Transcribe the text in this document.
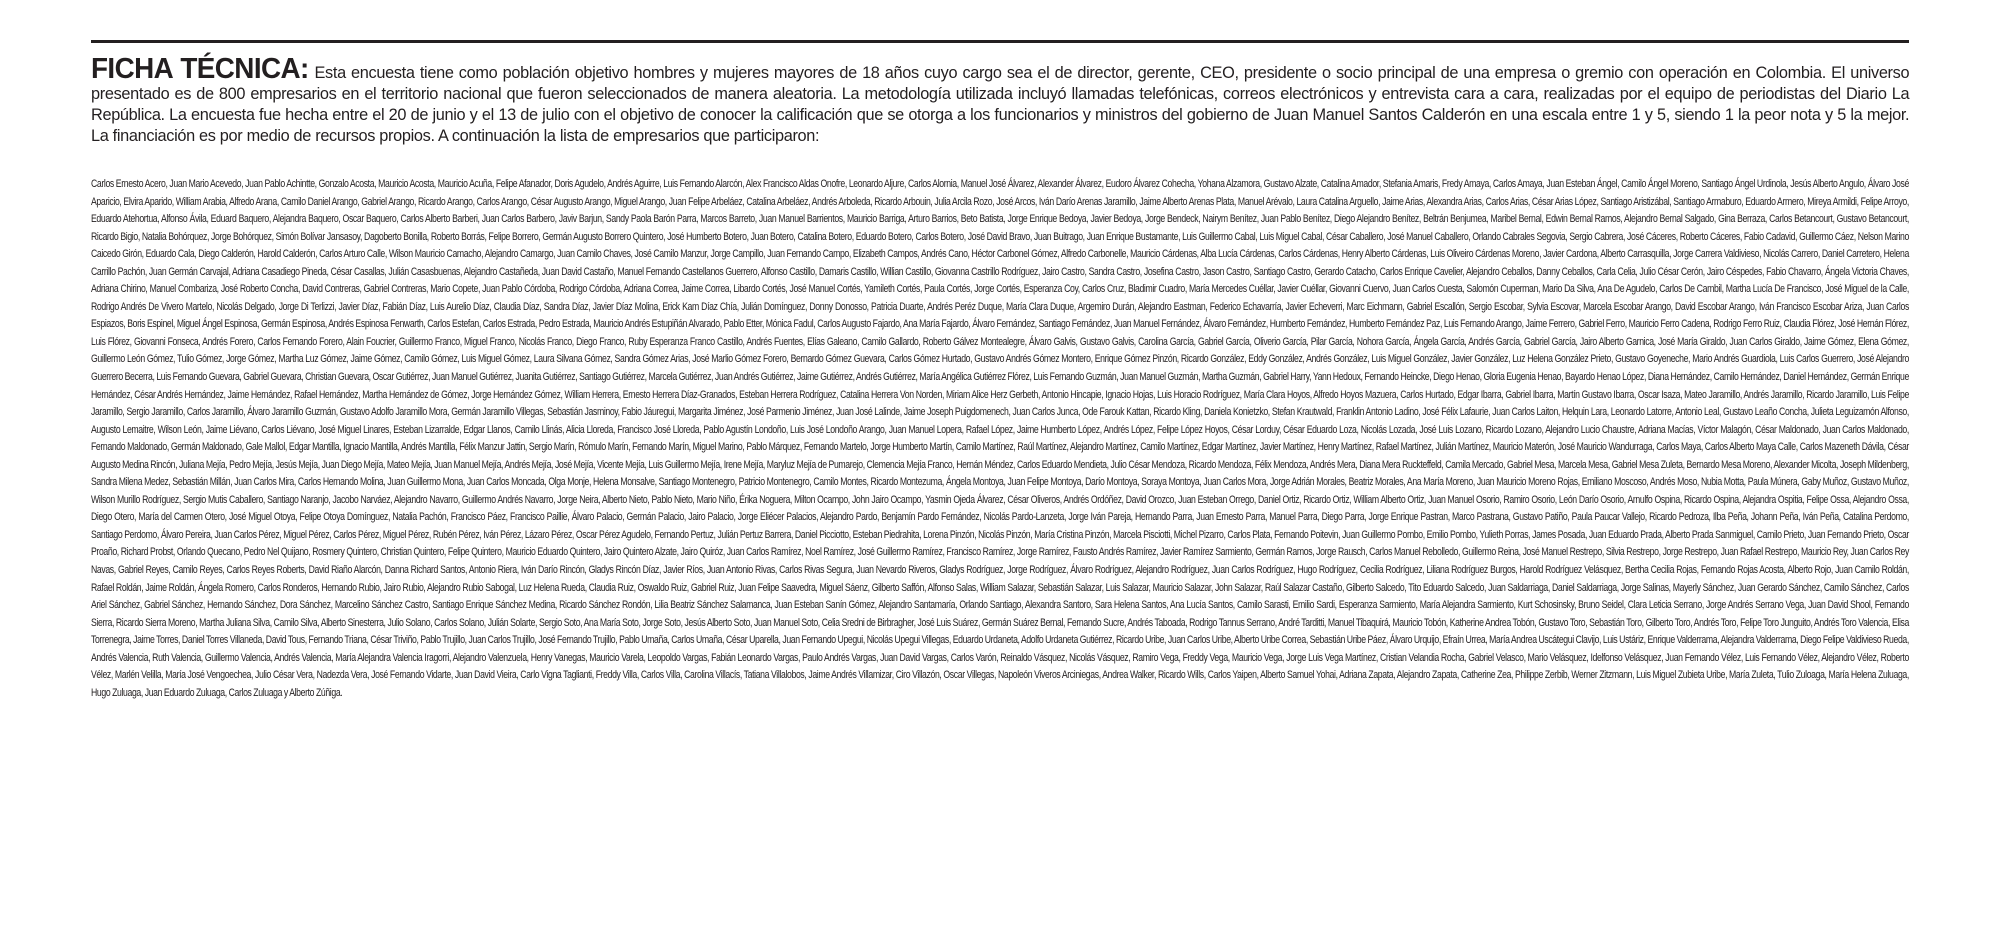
FICHA TÉCNICA: Esta encuesta tiene como población objetivo hombres y mujeres mayores de 18 años cuyo cargo sea el de director, gerente, CEO, presidente o socio principal de una empresa o gremio con operación en Colombia. El universo presentado es de 800 empresarios en el territorio nacional que fueron seleccionados de manera aleatoria. La metodología utilizada incluyó llamadas telefónicas, correos electrónicos y entrevista cara a cara, realizadas por el equipo de periodistas del Diario La República. La encuesta fue hecha entre el 20 de junio y el 13 de julio con el objetivo de conocer la calificación que se otorga a los funcionarios y ministros del gobierno de Juan Manuel Santos Calderón en una escala entre 1 y 5, siendo 1 la peor nota y 5 la mejor. La financiación es por medio de recursos propios. A continuación la lista de empresarios que participaron:

Carlos Ernesto Acero, Juan Mario Acevedo, Juan Pablo Achintte, Gonzalo Acosta, Mauricio Acosta, Mauricio Acuña, Felipe Afanador, Doris Agudelo, Andrés Aguirre, Luis Fernando Alarcón, Alex Francisco Aldas Onofre, Leonardo Aljure, Carlos Alornia, Manuel José Álvarez, Alexander Álvarez, Eudoro Álvarez Cohecha, Yohana Alzamora, Gustavo Alzate, Catalina Amador, Stefania Amaris, Fredy Amaya, Carlos Amaya, Juan Esteban Ángel, Camilo Ángel Moreno, Santiago Ángel Urdinola, Jesús Alberto Angulo, Álvaro José Aparicio, Elvira Aparido, William Arabia, Alfredo Arana, Camilo Daniel Arango, Gabriel Arango, Ricardo Arango, Carlos Arango, César Augusto Arango, Miguel Arango, Juan Felipe Arbeláez, Catalina Arbeláez, Andrés Arboleda, Ricardo Arbouin, Julia Arcila Rozo, José Arcos, Iván Darío Arenas Jaramillo, Jaime Alberto Arenas Plata, Manuel Arévalo, Laura Catalina Arguello, Jaime Arias, Alexandra Arias, Carlos Arias, César Arias López, Santiago Aristizábal, Santiago Armaburo, Eduardo Armero, Mireya Armildi, Felipe Arroyo, Eduardo Atehortua, Alfonso Ávila, Eduard Baquero, Alejandra Baquero, Oscar Baquero, Carlos Alberto Barberi, Juan Carlos Barbero, Javiv Barjun, Sandy Paola Barón Parra, Marcos Barreto, Juan Manuel Barrientos, Mauricio Barriga, Arturo Barrios, Beto Batista, Jorge Enrique Bedoya, Javier Bedoya, Jorge Bendeck, Nairym Benítez, Juan Pablo Benítez, Diego Alejandro Benítez, Beltrán Benjumea, Maribel Bernal, Edwin Bernal Ramos, Alejandro Bernal Salgado, Gina Berraza, Carlos Betancourt, Gustavo Betancourt, Ricardo Bigio, Natalia Bohórquez, Jorge Bohórquez, Simón Bolívar Jansasoy, Dagoberto Bonilla, Roberto Borrás, Felipe Borrero, Germán Augusto Borrero Quintero, José Humberto Botero, Juan Botero, Catalina Botero, Eduardo Botero, Carlos Botero, José David Bravo, Juan Buitrago, Juan Enrique Bustamante, Luis Guillermo Cabal, Luis Miguel Cabal, César Caballero, José Manuel Caballero, Orlando Cabrales Segovia, Sergio Cabrera, José Cáceres, Roberto Cáceres, Fabio Cadavid, Guillermo Cáez, Nelson Marino Caicedo Girón, Eduardo Cala, Diego Calderón, Harold Calderón, Carlos Arturo Calle, Wilson Mauricio Camacho, Alejandro Camargo, Juan Camilo Chaves, José Camilo Manzur, Jorge Campillo, Juan Fernando Campo, Elizabeth Campos, Andrés Cano, Héctor Carbonel Gómez, Alfredo Carbonelle, Mauricio Cárdenas, Alba Lucía Cárdenas, Carlos Cárdenas, Henry Alberto Cárdenas, Luis Oliveiro Cárdenas Moreno, Javier Cardona, Alberto Carrasquilla, Jorge Carrera Valdivieso, Nicolás Carrero, Daniel Carretero, Helena Carrillo Pachón, Juan Germán Carvajal, Adriana Casadiego Pineda, César Casallas, Julián Casasbuenas, Alejandro Castañeda, Juan David Castaño, Manuel Fernando Castellanos Guerrero, Alfonso Castillo, Damaris Castillo, Willian Castillo, Giovanna Castrillo Rodríguez, Jairo Castro, Sandra Castro, Josefina Castro, Jason Castro, Santiago Castro, Gerardo Catacho, Carlos Enrique Cavelier, Alejandro Ceballos, Danny Ceballos, Carla Celia, Julio César Cerón, Jairo Céspedes, Fabio Chavarro, Ángela Victoria Chaves, Adriana Chirino, Manuel Combariza, José Roberto Concha, David Contreras, Gabriel Contreras, Mario Copete, Juan Pablo Córdoba, Rodrigo Córdoba, Adriana Correa, Jaime Correa, Libardo Cortés, José Manuel Cortés, Yamileth Cortés, Paula Cortés, Jorge Cortés, Esperanza Coy, Carlos Cruz, Bladimir Cuadro, María Mercedes Cuéllar, Javier Cuéllar, Giovanni Cuervo, Juan Carlos Cuesta, Salomón Cuperman, Mario Da Silva, Ana De Agudelo, Carlos De Cambil, Martha Lucía De Francisco, José Miguel de la Calle, Rodrigo Andrés De Vivero Martelo, Nicolás Delgado, Jorge Di Terlizzi, Javier Díaz, Fabián Díaz, Luis Aurelio Díaz, Claudia Díaz, Sandra Díaz, Javier Díaz Molina, Erick Kam Díaz Chía, Julián Domínguez, Donny Donosso, Patricia Duarte, Andrés Peréz Duque, María Clara Duque, Argemiro Durán, Alejandro Eastman, Federico Echavarría, Javier Echeverri, Marc Eichmann, Gabriel Escallón, Sergio Escobar, Sylvia Escovar, Marcela Escobar Arango, David Escobar Arango, Iván Francisco Escobar Ariza, Juan Carlos Espiazos, Boris Espinel, Miguel Ángel Espinosa, Germán Espinosa, Andrés Espinosa Fenwarth, Carlos Estefan, Carlos Estrada, Pedro Estrada, Mauricio Andrés Estupiñán Alvarado, Pablo Etter, Mónica Fadul, Carlos Augusto Fajardo, Ana María Fajardo, Álvaro Fernández, Santiago Fernández, Juan Manuel Fernández, Álvaro Fernández, Humberto Fernández, Humberto Fernández Paz, Luis Fernando Arango, Jaime Ferrero, Gabriel Ferro, Mauricio Ferro Cadena, Rodrigo Ferro Ruiz, Claudia Flórez, José Hernán Flórez, Luis Flórez, Giovanni Fonseca, Andrés Forero, Carlos Fernando Forero, Alain Foucrier, Guillermo Franco, Miguel Franco, Nicolás Franco, Diego Franco, Ruby Esperanza Franco Castillo, Andrés Fuentes, Elías Galeano, Camilo Gallardo, Roberto Gálvez Montealegre, Álvaro Galvis, Gustavo Galvis, Carolina García, Gabriel García, Oliverio García, Pilar García, Nohora García, Ángela García, Andrés García, Gabriel García, Jairo Alberto Garnica, José María Giraldo, Juan Carlos Giraldo, Jaime Gómez, Elena Gómez, Guillermo León Gómez, Tulio Gómez, Jorge Gómez, Martha Luz Gómez, Jaime Gómez, Camilo Gómez, Luis Miguel Gómez, Laura Silvana Gómez, Sandra Gómez Arias, José Marlio Gómez Forero, Bernardo Gómez Guevara, Carlos Gómez Hurtado, Gustavo Andrés Gómez Montero, Enrique Gómez Pinzón, Ricardo González, Eddy González, Andrés González, Luis Miguel González, Javier González, Luz Helena González Prieto, Gustavo Goyeneche, Mario Andrés Guardiola, Luis Carlos Guerrero, José Alejandro Guerrero Becerra, Luis Fernando Guevara, Gabriel Guevara, Christian Guevara, Oscar Gutiérrez, Juan Manuel Gutiérrez, Juanita Gutiérrez, Santiago Gutiérrez, Marcela Gutiérrez, Juan Andrés Gutiérrez, Jaime Gutiérrez, Andrés Gutiérrez, María Angélica Gutiérrez Flórez, Luis Fernando Guzmán, Juan Manuel Guzmán, Martha Guzmán, Gabriel Harry, Yann Hedoux, Fernando Heincke, Diego Henao, Gloria Eugenia Henao, Bayardo Henao López, Diana Hernández, Camilo Hernández, Daniel Hernández, Germán Enrique Hernández, César Andrés Hernández, Jaime Hernández, Rafael Hernández, Martha Hernández de Gómez, Jorge Hernández Gómez, William Herrera, Ernesto Herrera Díaz-Granados, Esteban Herrera Rodríguez, Catalina Herrera Von Norden, Miriam Alice Herz Gerbeth, Antonio Hincapie, Ignacio Hojas, Luis Horacio Rodríguez, María Clara Hoyos, Alfredo Hoyos Mazuera, Carlos Hurtado, Edgar Ibarra, Gabriel Ibarra, Martín Gustavo Ibarra, Oscar Isaza, Mateo Jaramillo, Andrés Jaramillo, Ricardo Jaramillo, Luis Felipe Jaramillo, Sergio Jaramillo, Carlos Jaramillo, Álvaro Jaramillo Guzmán, Gustavo Adolfo Jaramillo Mora, Germán Jaramillo Villegas, Sebastián Jasminoy, Fabio Jáuregui, Margarita Jiménez, José Parmenio Jiménez, Juan José Lalinde, Jaime Joseph Puigdomenech, Juan Carlos Junca, Ode Farouk Kattan, Ricardo Kling, Daniela Konietzko, Stefan Krautwald, Franklin Antonio Ladino, José Félix Lafaurie, Juan Carlos Laiton, Helquin Lara, Leonardo Latorre, Antonio Leal, Gustavo Leaño Concha, Julieta Leguizamón Alfonso, Augusto Lemaitre, Wilson León, Jaime Liévano, Carlos Liévano, José Miguel Linares, Esteban Lizarralde, Edgar Llanos, Camilo Llinás, Alicia Lloreda, Francisco José Lloreda, Pablo Agustín Londoño, Luis José Londoño Arango, Juan Manuel Lopera, Rafael López, Jaime Humberto López, Andrés López, Felipe López Hoyos, César Lorduy, César Eduardo Loza, Nicolás Lozada, José Luis Lozano, Ricardo Lozano, Alejandro Lucio Chaustre, Adriana Macías, Víctor Malagón, César Maldonado, Juan Carlos Maldonado, Fernando Maldonado, Germán Maldonado, Gale Mallol, Edgar Mantilla, Ignacio Mantilla, Andrés Mantilla, Félix Manzur Jattin, Sergio Marín, Rómulo Marín, Fernando Marín, Miguel Marino, Pablo Márquez, Fernando Martelo, Jorge Humberto Martín, Camilo Martínez, Raúl Martínez, Alejandro Martínez, Camilo Martínez, Edgar Martínez, Javier Martínez, Henry Martínez, Rafael Martínez, Julián Martínez, Mauricio Materón, José Mauricio Wandurraga, Carlos Maya, Carlos Alberto Maya Calle, Carlos Mazeneth Dávila, César Augusto Medina Rincón, Juliana Mejía, Pedro Mejía, Jesús Mejía, Juan Diego Mejía, Mateo Mejía, Juan Manuel Mejía, Andrés Mejía, José Mejía, Vicente Mejía, Luis Guillermo Mejía, Irene Mejía, Maryluz Mejía de Pumarejo, Clemencia Mejía Franco, Hernán Méndez, Carlos Eduardo Mendieta, Julio César Mendoza, Ricardo Mendoza, Félix Mendoza, Andrés Mera, Diana Mera Ruckteffeld, Camila Mercado, Gabriel Mesa, Marcela Mesa, Gabriel Mesa Zuleta, Bernardo Mesa Moreno, Alexander Micolta, Joseph Mildenberg, Sandra Milena Medez, Sebastián Millán, Juan Carlos Mira, Carlos Hernando Molina, Juan Guillermo Mona, Juan Carlos Moncada, Olga Monje, Helena Monsalve, Santiago Montenegro, Patricio Montenegro, Camilo Montes, Ricardo Montezuma, Ángela Montoya, Juan Felipe Montoya, Darío Montoya, Soraya Montoya, Juan Carlos Mora, Jorge Adrián Morales, Beatriz Morales, Ana María Moreno, Juan Mauricio Moreno Rojas, Emiliano Moscoso, Andrés Moso, Nubia Motta, Paula Múnera, Gaby Muñoz, Gustavo Muñoz, Wilson Murillo Rodríguez, Sergio Mutis Caballero, Santiago Naranjo, Jacobo Narváez, Alejandro Navarro, Guillermo Andrés Navarro, Jorge Neira, Alberto Nieto, Pablo Nieto, Mario Niño, Érika Noguera, Milton Ocampo, John Jairo Ocampo, Yasmin Ojeda Álvarez, César Oliveros, Andrés Ordóñez, David Orozco, Juan Esteban Orrego, Daniel Ortiz, Ricardo Ortiz, William Alberto Ortiz, Juan Manuel Osorio, Ramiro Osorio, León Darío Osorio, Arnulfo Ospina, Ricardo Ospina, Alejandra Ospitia, Felipe Ossa, Alejandro Ossa, Diego Otero, María del Carmen Otero, José Miguel Otoya, Felipe Otoya Domínguez, Natalia Pachón, Francisco Páez, Francisco Paillie, Álvaro Palacio, Germán Palacio, Jairo Palacio, Jorge Eliécer Palacios, Alejandro Pardo, Benjamín Pardo Fernández, Nicolás Pardo-Lanzeta, Jorge Iván Pareja, Hernando Parra, Juan Ernesto Parra, Manuel Parra, Diego Parra, Jorge Enrique Pastran, Marco Pastrana, Gustavo Patiño, Paula Paucar Vallejo, Ricardo Pedroza, Ilba Peña, Johann Peña, Iván Peña, Catalina Perdomo, Santiago Perdomo, Álvaro Pereira, Juan Carlos Pérez, Miguel Pérez, Carlos Pérez, Miguel Pérez, Rubén Pérez, Iván Pérez, Lázaro Pérez, Oscar Pérez Agudelo, Fernando Pertuz, Julián Pertuz Barrera, Daniel Picciotto, Esteban Piedrahita, Lorena Pinzón, Nicolás Pinzón, María Cristina Pinzón, Marcela Pisciotti, Michel Pizarro, Carlos Plata, Fernando Poitevin, Juan Guillermo Pombo, Emilio Pombo, Yulieth Porras, James Posada, Juan Eduardo Prada, Alberto Prada Sanmiguel, Camilo Prieto, Juan Fernando Prieto, Oscar Proaño, Richard Probst, Orlando Quecano, Pedro Nel Quijano, Rosmery Quintero, Christian Quintero, Felipe Quintero, Mauricio Eduardo Quintero, Jairo Quintero Alzate, Jairo Quiróz, Juan Carlos Ramírez, Noel Ramírez, José Guillermo Ramírez, Francisco Ramírez, Jorge Ramírez, Fausto Andrés Ramírez, Javier Ramírez Sarmiento, Germán Ramos, Jorge Rausch, Carlos Manuel Rebolledo, Guillermo Reina, José Manuel Restrepo, Silvia Restrepo, Jorge Restrepo, Juan Rafael Restrepo, Mauricio Rey, Juan Carlos Rey Navas, Gabriel Reyes, Camilo Reyes, Carlos Reyes Roberts, David Riaño Alarcón, Danna Richard Santos, Antonio Riera, Iván Darío Rincón, Gladys Rincón Díaz, Javier Ríos, Juan Antonio Rivas, Carlos Rivas Segura, Juan Nevardo Riveros, Gladys Rodríguez, Jorge Rodríguez, Álvaro Rodríguez, Alejandro Rodríguez, Juan Carlos Rodríguez, Hugo Rodríguez, Cecilia Rodríguez, Liliana Rodríguez Burgos, Harold Rodríguez Velásquez, Bertha Cecilia Rojas, Fernando Rojas Acosta, Alberto Rojo, Juan Camilo Roldán, Rafael Roldán, Jaime Roldán, Ángela Romero, Carlos Ronderos, Hernando Rubio, Jairo Rubio, Alejandro Rubio Sabogal, Luz Helena Rueda, Claudia Ruiz, Oswaldo Ruiz, Gabriel Ruiz, Juan Felipe Saavedra, Miguel Sáenz, Gilberto Saffón, Alfonso Salas, William Salazar, Sebastián Salazar, Luis Salazar, Mauricio Salazar, John Salazar, Raúl Salazar Castaño, Gilberto Salcedo, Tito Eduardo Salcedo, Juan Saldarriaga, Daniel Saldarriaga, Jorge Salinas, Mayerly Sánchez, Juan Gerardo Sánchez, Camilo Sánchez, Carlos Ariel Sánchez, Gabriel Sánchez, Hernando Sánchez, Dora Sánchez, Marcelino Sánchez Castro, Santiago Enrique Sánchez Medina, Ricardo Sánchez Rondón, Lilia Beatriz Sánchez Salamanca, Juan Esteban Sanín Gómez, Alejandro Santamaría, Orlando Santiago, Alexandra Santoro, Sara Helena Santos, Ana Lucía Santos, Camilo Sarasti, Emilio Sardi, Esperanza Sarmiento, María Alejandra Sarmiento, Kurt Schosinsky, Bruno Seidel, Clara Leticia Serrano, Jorge Andrés Serrano Vega, Juan David Shool, Fernando Sierra, Ricardo Sierra Moreno, Martha Juliana Silva, Camilo Silva, Alberto Sinesterra, Julio Solano, Carlos Solano, Julián Solarte, Sergio Soto, Ana María Soto, Jorge Soto, Jesús Alberto Soto, Juan Manuel Soto, Celia Sredni de Birbragher, José Luis Suárez, Germán Suárez Bernal, Fernando Sucre, Andrés Taboada, Rodrigo Tannus Serrano, André Tarditti, Manuel Tibaquirá, Mauricio Tobón, Katherine Andrea Tobón, Gustavo Toro, Sebastián Toro, Gilberto Toro, Andrés Toro, Felipe Toro Junguito, Andrés Toro Valencia, Elisa Torrenegra, Jaime Torres, Daniel Torres Villaneda, David Tous, Fernando Triana, César Triviño, Pablo Trujillo, Juan Carlos Trujillo, José Fernando Trujillo, Pablo Umaña, Carlos Umaña, César Uparella, Juan Fernando Upegui, Nicolás Upegui Villegas, Eduardo Urdaneta, Adolfo Urdaneta Gutiérrez, Ricardo Uribe, Juan Carlos Uribe, Alberto Uribe Correa, Sebastián Uribe Páez, Álvaro Urquijo, Efraín Urrea, María Andrea Uscátegui Clavijo, Luis Ustáriz, Enrique Valderrama, Alejandra Valderrama, Diego Felipe Valdivieso Rueda, Andrés Valencia, Ruth Valencia, Guillermo Valencia, Andrés Valencia, María Alejandra Valencia Iragorri, Alejandro Valenzuela, Henry Vanegas, Mauricio Varela, Leopoldo Vargas, Fabián Leonardo Vargas, Paulo Andrés Vargas, Juan David Vargas, Carlos Varón, Reinaldo Vásquez, Nicolás Vásquez, Ramiro Vega, Freddy Vega, Mauricio Vega, Jorge Luis Vega Martínez, Cristian Velandia Rocha, Gabriel Velasco, Mario Velásquez, Idelfonso Velásquez, Juan Fernando Vélez, Luis Fernando Vélez, Alejandro Vélez, Roberto Vélez, Marlén Velilla, María José Vengoechea, Julio César Vera, Nadezda Vera, José Fernando Vidarte, Juan David Vieira, Carlo Vigna Taglianti, Freddy Villa, Carlos Villa, Carolina Villacís, Tatiana Villalobos, Jaime Andrés Villamizar, Ciro Villazón, Oscar Villegas, Napoleón Viveros Arciniegas, Andrea Walker, Ricardo Wills, Carlos Yaipen, Alberto Samuel Yohai, Adriana Zapata, Alejandro Zapata, Catherine Zea, Philippe Zerbib, Werner Zitzmann, Luis Miguel Zubieta Uribe, María Zuleta, Tulio Zuloaga, María Helena Zuluaga, Hugo Zuluaga, Juan Eduardo Zuluaga, Carlos Zuluaga y Alberto Zúñiga.
